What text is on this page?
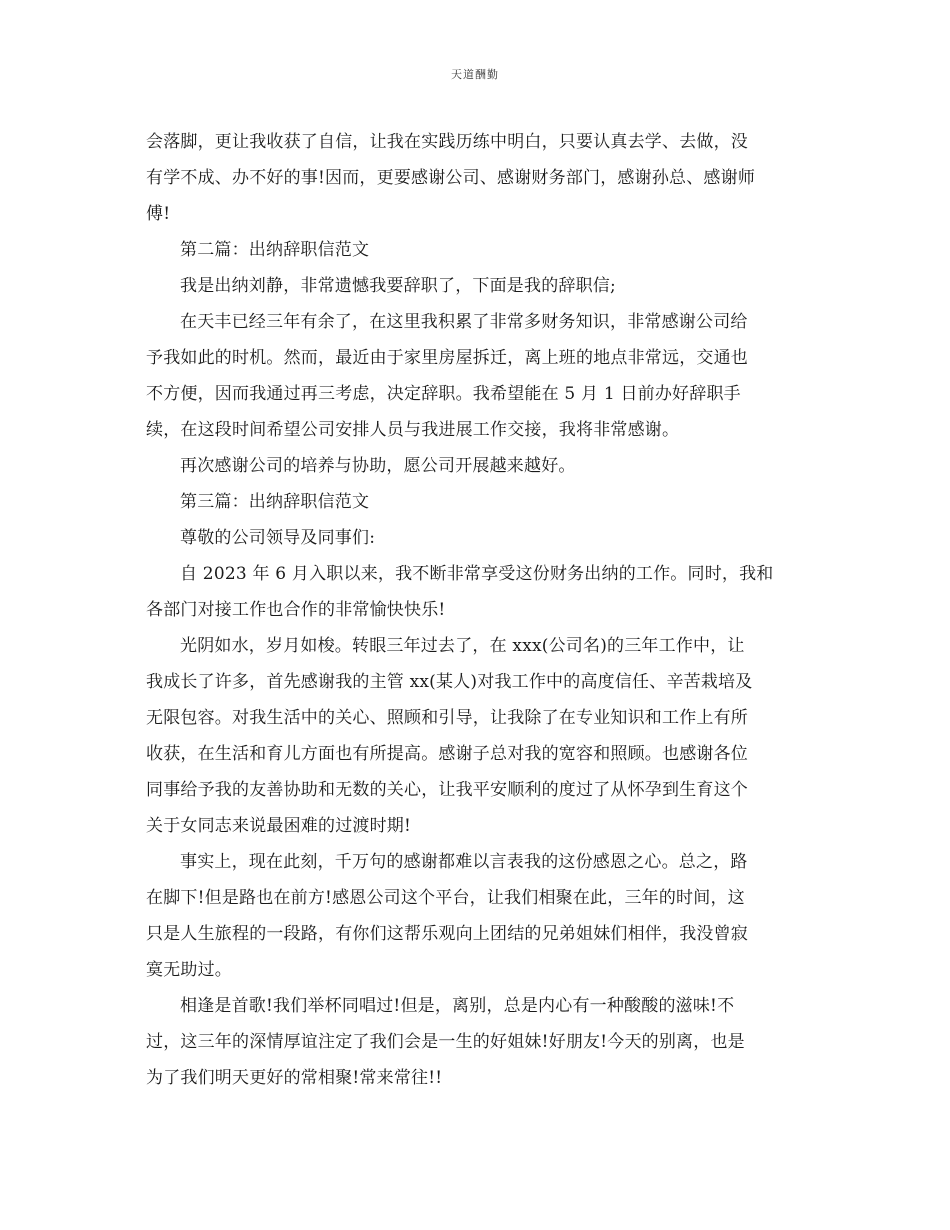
天道酬勤
会落脚，更让我收获了自信，让我在实践历练中明白，只要认真去学、去做，没
有学不成、办不好的事!因而，更要感谢公司、感谢财务部门，感谢孙总、感谢师
傅!
第二篇：出纳辞职信范文
我是出纳刘静，非常遗憾我要辞职了，下面是我的辞职信;
在天丰已经三年有余了，在这里我积累了非常多财务知识，非常感谢公司给
予我如此的时机。然而，最近由于家里房屋拆迁，离上班的地点非常远，交通也
不方便，因而我通过再三考虑，决定辞职。我希望能在 5 月 1 日前办好辞职手
续，在这段时间希望公司安排人员与我进展工作交接，我将非常感谢。
再次感谢公司的培养与协助，愿公司开展越来越好。
第三篇：出纳辞职信范文
尊敬的公司领导及同事们:
自 2023 年 6 月入职以来，我不断非常享受这份财务出纳的工作。同时，我和
各部门对接工作也合作的非常愉快快乐!
光阴如水，岁月如梭。转眼三年过去了，在 xxx(公司名)的三年工作中，让
我成长了许多，首先感谢我的主管 xx(某人)对我工作中的高度信任、辛苦栽培及
无限包容。对我生活中的关心、照顾和引导，让我除了在专业知识和工作上有所
收获，在生活和育儿方面也有所提高。感谢子总对我的宽容和照顾。也感谢各位
同事给予我的友善协助和无数的关心，让我平安顺利的度过了从怀孕到生育这个
关于女同志来说最困难的过渡时期!
事实上，现在此刻，千万句的感谢都难以言表我的这份感恩之心。总之，路
在脚下!但是路也在前方!感恩公司这个平台，让我们相聚在此，三年的时间，这
只是人生旅程的一段路，有你们这帮乐观向上团结的兄弟姐妹们相伴，我没曾寂
寞无助过。
相逢是首歌!我们举杯同唱过!但是，离别，总是内心有一种酸酸的滋味!不
过，这三年的深情厚谊注定了我们会是一生的好姐妹!好朋友!今天的别离，也是
为了我们明天更好的常相聚!常来常往!!
